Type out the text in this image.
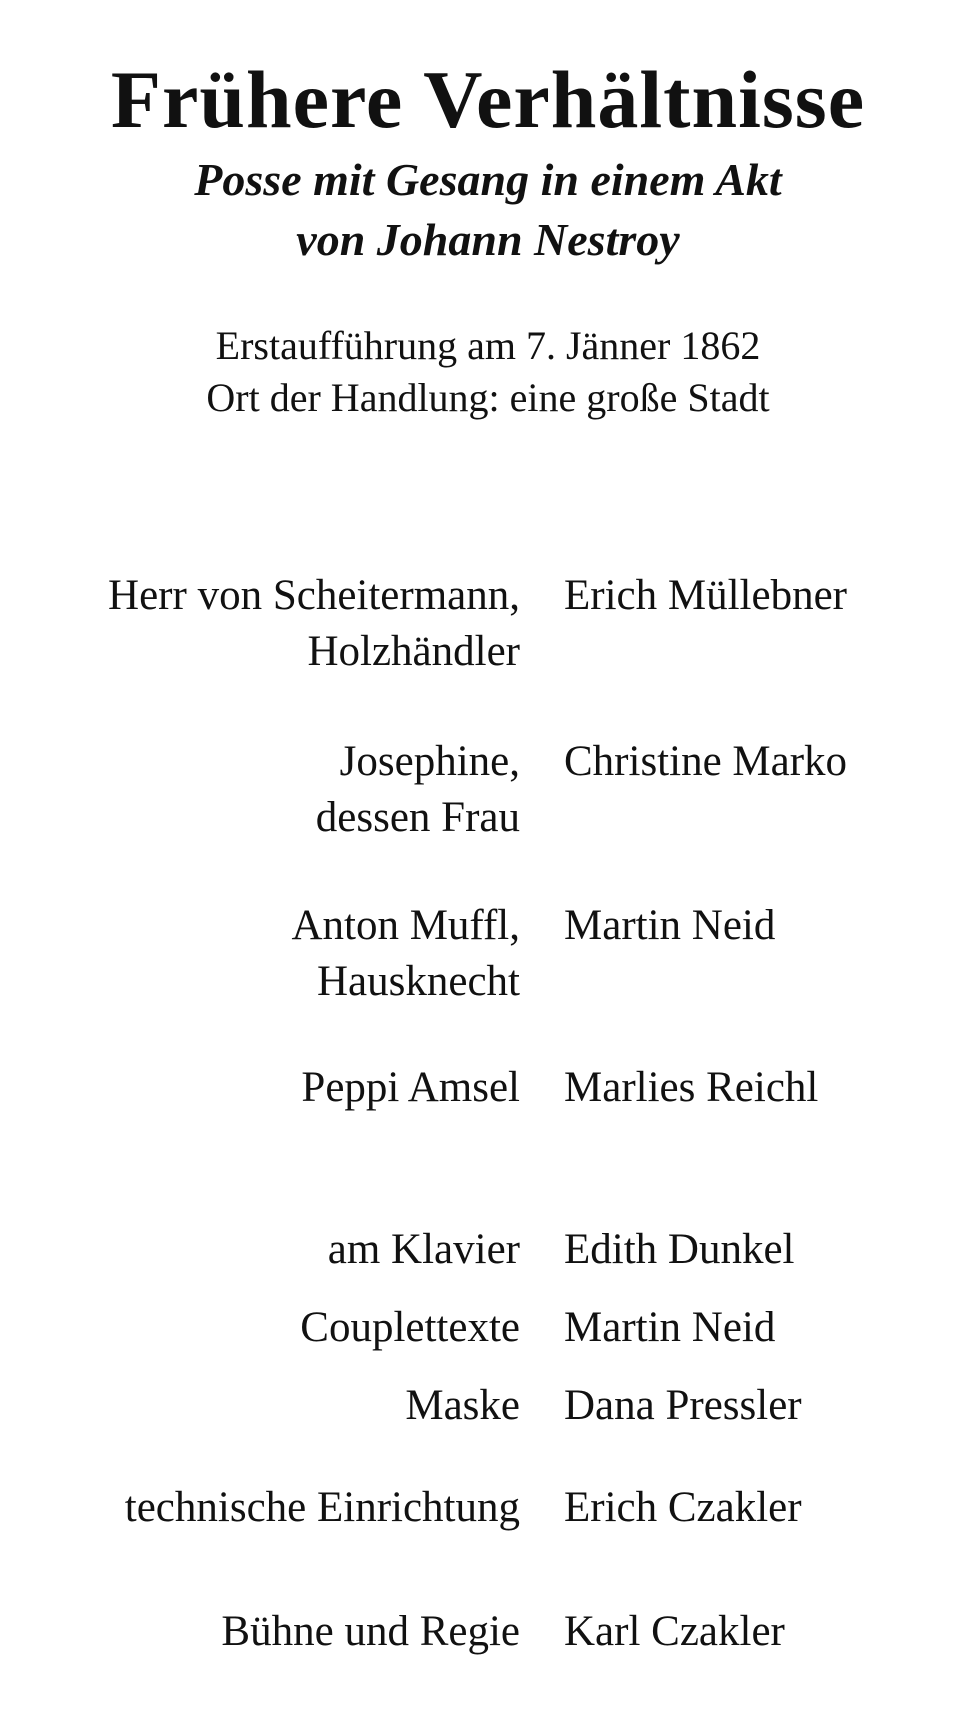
Frühere Verhältnisse

Posse mit Gesang in einem Akt

von Johann Nestroy

Erstaufführung am 7. Jänner 1862

Ort der Handlung: eine große Stadt

Herr von Scheitermann,
Holzhändler
Erich Müllebner
Josephine,
dessen Frau
Christine Marko
Anton Muffl,
Hausknecht
Martin Neid
Peppi Amsel Marlies Reichl
am Klavier Edith Dunkel
Couplettexte Martin Neid
Maske Dana Pressler
technische Einrichtung Erich Czakler
Bühne und Regie Karl Czakler
